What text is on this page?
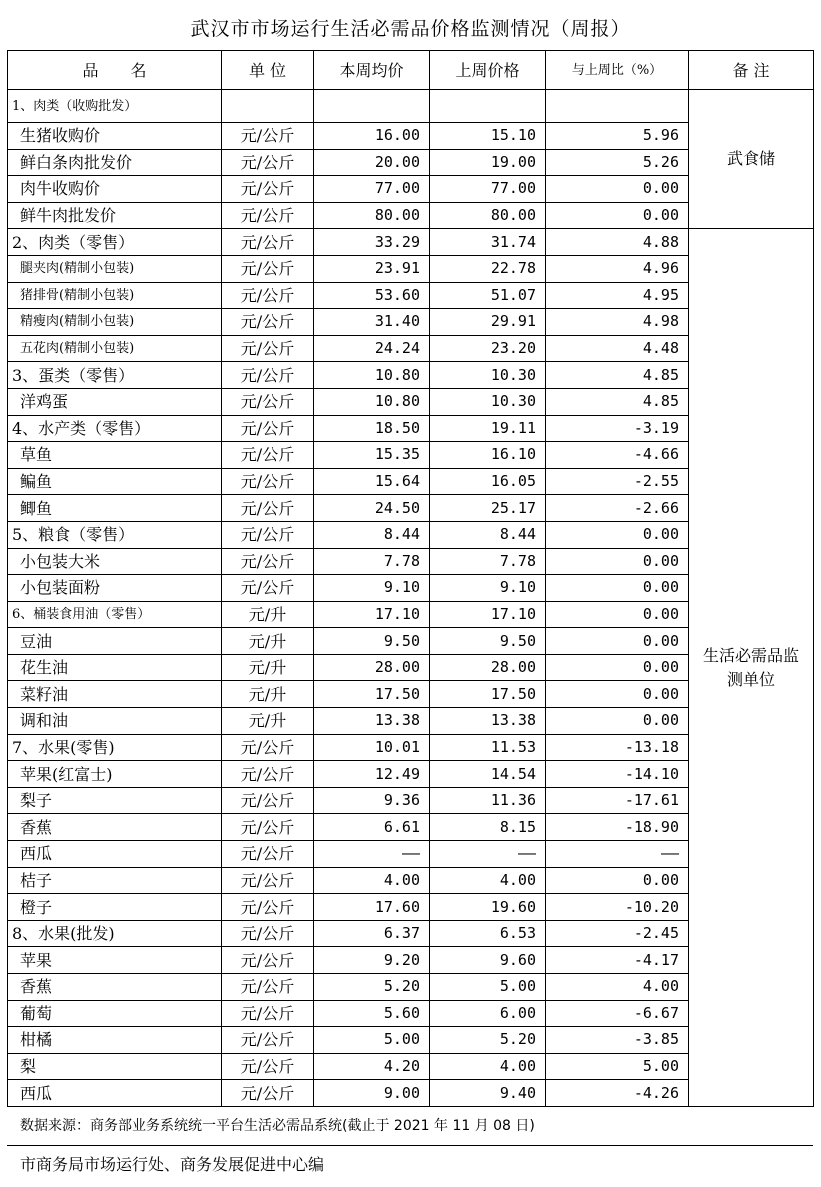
武汉市市场运行生活必需品价格监测情况（周报）
品　　名	单 位	本周均价	上周价格	与上周比（%）	备 注
1、肉类（收购批发）					武食储
生猪收购价	元/公斤	16.00	15.10	5.96	
鲜白条肉批发价	元/公斤	20.00	19.00	5.26	
肉牛收购价	元/公斤	77.00	77.00	0.00	
鲜牛肉批发价	元/公斤	80.00	80.00	0.00	
2、肉类（零售）	元/公斤	33.29	31.74	4.88	生活必需品监测单位
腿夹肉(精制小包装)	元/公斤	23.91	22.78	4.96	
猪排骨(精制小包装)	元/公斤	53.60	51.07	4.95	
精瘦肉(精制小包装)	元/公斤	31.40	29.91	4.98	
五花肉(精制小包装)	元/公斤	24.24	23.20	4.48	
3、蛋类（零售）	元/公斤	10.80	10.30	4.85	
洋鸡蛋	元/公斤	10.80	10.30	4.85	
4、水产类（零售）	元/公斤	18.50	19.11	-3.19	
草鱼	元/公斤	15.35	16.10	-4.66	
鳊鱼	元/公斤	15.64	16.05	-2.55	
鲫鱼	元/公斤	24.50	25.17	-2.66	
5、粮食（零售）	元/公斤	8.44	8.44	0.00	
小包装大米	元/公斤	7.78	7.78	0.00	
小包装面粉	元/公斤	9.10	9.10	0.00	
6、桶装食用油（零售）	元/升	17.10	17.10	0.00	
豆油	元/升	9.50	9.50	0.00	
花生油	元/升	28.00	28.00	0.00	
菜籽油	元/升	17.50	17.50	0.00	
调和油	元/升	13.38	13.38	0.00	
7、水果(零售)	元/公斤	10.01	11.53	-13.18	
苹果(红富士)	元/公斤	12.49	14.54	-14.10	
梨子	元/公斤	9.36	11.36	-17.61	
香蕉	元/公斤	6.61	8.15	-18.90	
西瓜	元/公斤	——	——	——	
桔子	元/公斤	4.00	4.00	0.00	
橙子	元/公斤	17.60	19.60	-10.20	
8、水果(批发)	元/公斤	6.37	6.53	-2.45	
苹果	元/公斤	9.20	9.60	-4.17	
香蕉	元/公斤	5.20	5.00	4.00	
葡萄	元/公斤	5.60	6.00	-6.67	
柑橘	元/公斤	5.00	5.20	-3.85	
梨	元/公斤	4.20	4.00	5.00	
西瓜	元/公斤	9.00	9.40	-4.26	
数据来源：商务部业务系统统一平台生活必需品系统(截止于 2021 年 11 月 08 日)
市商务局市场运行处、商务发展促进中心编
